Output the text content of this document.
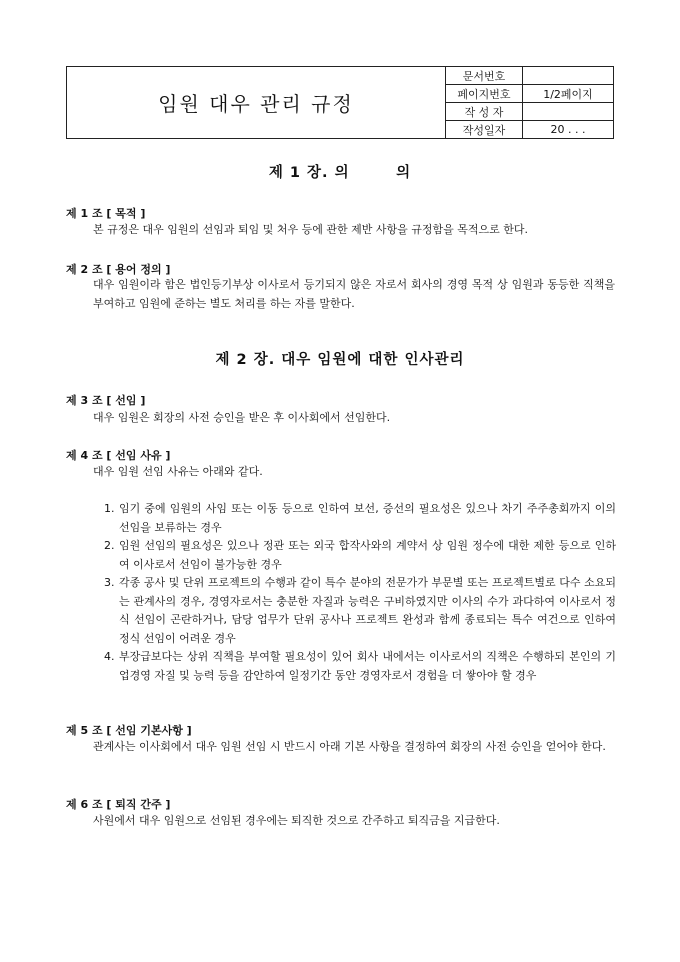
임원 대우 관리 규정	문서번호	
	페이지번호	1/2페이지
	작 성 자	
	작성일자	20 . . .
제 1 장. 의　　　의
제 1 조 [ 목적 ]
본 규정은 대우 임원의 선임과 퇴임 및 처우 등에 관한 제반 사항을 규정함을 목적으로 한다.
제 2 조 [ 용어 정의 ]
대우 임원이라 함은 법인등기부상 이사로서 등기되지 않은 자로서 회사의 경영 목적 상 임원과 동등한 직책을 부여하고 임원에 준하는 별도 처리를 하는 자를 말한다.
제 2 장. 대우 임원에 대한 인사관리
제 3 조 [ 선임 ]
대우 임원은 회장의 사전 승인을 받은 후 이사회에서 선임한다.
제 4 조 [ 선임 사유 ]
대우 임원 선임 사유는 아래와 같다.
1. 임기 중에 임원의 사임 또는 이동 등으로 인하여 보선, 증선의 필요성은 있으나 차기 주주총회까지 이의 선임을 보류하는 경우
2. 임원 선임의 필요성은 있으나 정관 또는 외국 합작사와의 계약서 상 임원 정수에 대한 제한 등으로 인하여 이사로서 선임이 불가능한 경우
3. 각종 공사 및 단위 프로젝트의 수행과 같이 특수 분야의 전문가가 부문별 또는 프로젝트별로 다수 소요되는 관계사의 경우, 경영자로서는 충분한 자질과 능력은 구비하였지만 이사의 수가 과다하여 이사로서 정식 선임이 곤란하거나, 담당 업무가 단위 공사나 프로젝트 완성과 함께 종료되는 특수 여건으로 인하여 정식 선임이 어려운 경우
4. 부장급보다는 상위 직책을 부여할 필요성이 있어 회사 내에서는 이사로서의 직책은 수행하되 본인의 기업경영 자질 및 능력 등을 감안하여 일정기간 동안 경영자로서 경험을 더 쌓아야 할 경우
제 5 조 [ 선임 기본사항 ]
관계사는 이사회에서 대우 임원 선임 시 반드시 아래 기본 사항을 결정하여 회장의 사전 승인을 얻어야 한다.
제 6 조 [ 퇴직 간주 ]
사원에서 대우 임원으로 선임된 경우에는 퇴직한 것으로 간주하고 퇴직금을 지급한다.
